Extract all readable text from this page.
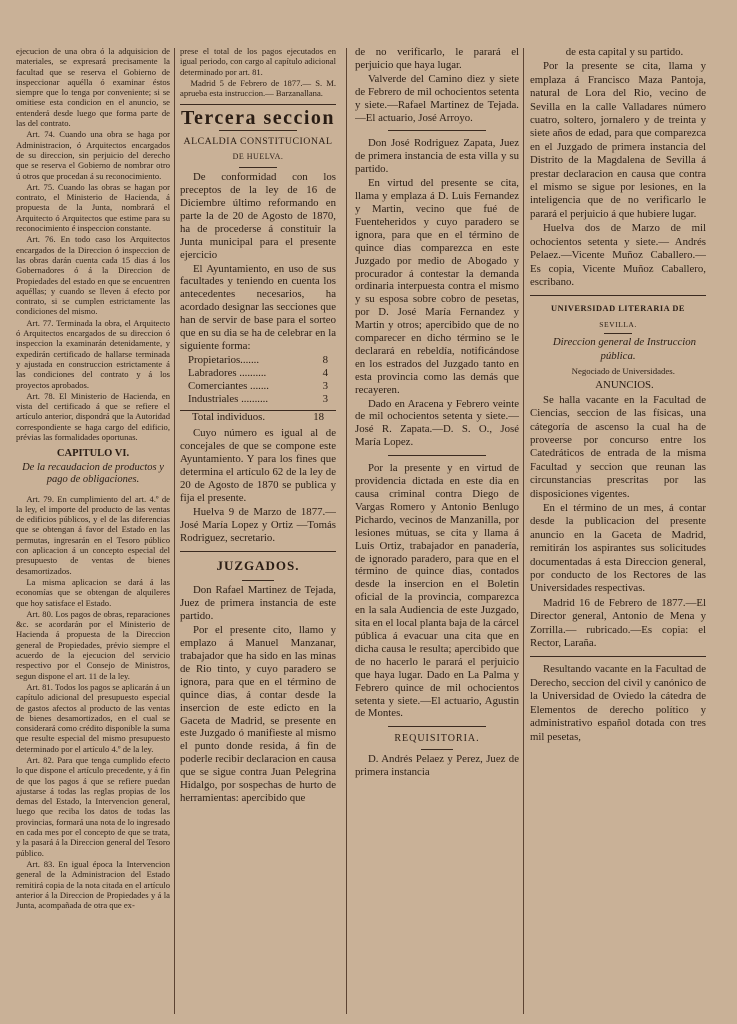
ejecucion de una obra ó la adquisicion de materiales, se expresará precisamente la facultad que se reserva el Gobierno de inspeccionar aquélla ó examinar éstos siempre que lo tenga por conveniente; si se omitiese esta condicion en el anuncio, se entenderá desde luego que forma parte de las del contrato.

Art. 74. Cuando una obra se haga por Administracion, ó Arquitectos encargados de su direccion, sin perjuicio del derecho que se reserva el Gobierno de nombrar otro ú otros que procedan á su reconocimiento.

Art. 75. Cuando las obras se hagan por contrato, el Ministerio de Hacienda, á propuesta de la Junta, nombrará el Arquitecto ó Arquitectos que estime para su reconocimiento é inspeccion constante.

Art. 76. En todo caso los Arquitectos encargados de la Direccion ó inspeccion de las obras darán cuenta cada 15 dias á los Gobernadores ó á la Direccion de Propiedades del estado en que se encuentren aquéllas; y cuando se lleven á efecto por contrato, si se cumplen estrictamente las condiciones del mismo.

Art. 77. Terminada la obra, el Arquitecto ó Arquitectos encargados de su direccion ó inspeccion la examinarán detenidamente, y expedirán certificado de hallarse terminada y ajustada en construccion estrictamente á las condiciones del contrato y á los proyectos aprobados.

Art. 78. El Ministerio de Hacienda, en vista del certificado á que se refiere el artículo anterior, dispondrá que la Autoridad correspondiente se haga cargo del edificio, prévias las formalidades oportunas.

CAPITULO VI.

De la recaudacion de productos y pago de obligaciones.

Art. 79. En cumplimiento del art. 4.º de la ley, el importe del producto de las ventas de edificios públicos, y el de las diferencias que se obtengan á favor del Estado en las permutas, ingresarán en el Tesoro público con aplicacion á un concepto especial del presupuesto de ventas de bienes desamortizados.

La misma aplicacion se dará á las economías que se obtengan de alquileres que hoy satisface el Estado.

Art. 80. Los pagos de obras, reparaciones &c. se acordarán por el Ministerio de Hacienda á propuesta de la Direccion general de Propiedades, prévio siempre el acuerdo de la ejecucion del servicio respectivo por el Consejo de Ministros, segun dispone el art. 11 de la ley.

Art. 81. Todos los pagos se aplicarán á un capítulo adicional del presupuesto especial de gastos afectos al producto de las ventas de bienes desamortizados, en el cual se considerará como crédito disponible la suma que resulte especial del mismo presupuesto determinado por el artículo 4.º de la ley.

Art. 82. Para que tenga cumplido efecto lo que dispone el artículo precedente, y á fin de que los pagos á que se refiere puedan ajustarse á todas las reglas propias de los demas del Estado, la Intervencion general, luego que reciba los datos de todas las provincias, formará una nota de lo ingresado en cada mes por el concepto de que se trata, y la pasará á la Direccion general del Tesoro público.

Art. 83. En igual época la Intervencion general de la Administracion del Estado remitirá copia de la nota citada en el artículo anterior á la Direccion de Propiedades y á la Junta, acompañada de otra que ex-

prese el total de los pagos ejecutados en igual periodo, con cargo al capítulo adicional determinado por art. 81.

Madrid 5 de Febrero de 1877.— S. M. aprueba esta instruccion.— Barzanallana.

Tercera seccion
ALCALDIA CONSTITUCIONAL
DE HUELVA.

De conformidad con los preceptos de la ley de 16 de Diciembre último reformando en parte la de 20 de Agosto de 1870, ha de procederse á constituir la Junta municipal para el presente ejercicio

El Ayuntamiento, en uso de sus facultades y teniendo en cuenta los antecedentes necesarios, ha acordado designar las secciones que han de servir de base para el sorteo que en su dia se ha de celebrar en la siguiente forma:

Propietarios.......	8
Labradores ..........	4
Comerciantes .......	3
Industriales ..........	3
Total individuos.	18

Cuyo número es igual al de concejales de que se compone este Ayuntamiento. Y para los fines que determina el artículo 62 de la ley de 20 de Agosto de 1870 se publica y fija el presente.

Huelva 9 de Marzo de 1877.—José María Lopez y Ortiz —Tomás Rodriguez, secretario.

JUZGADOS.

Don Rafael Martinez de Tejada, Juez de primera instancia de este partido.

Por el presente cito, llamo y emplazo á Manuel Manzanar, trabajador que ha sido en las minas de Rio tinto, y cuyo paradero se ignora, para que en el término de quince dias, á contar desde la insercion de este edicto en la Gaceta de Madrid, se presente en este Juzgado ó manifieste al mismo el punto donde resida, á fin de poderle recibir declaracion en causa que se sigue contra Juan Pelegrina Hidalgo, por sospechas de hurto de herramientas: apercibido que

de no verificarlo, le parará el perjuicio que haya lugar.

Valverde del Camino diez y siete de Febrero de mil ochocientos setenta y siete.—Rafael Martinez de Tejada.—El actuario, José Arroyo.

Don José Rodriguez Zapata, Juez de primera instancia de esta villa y su partido.

En virtud del presente se cita, llama y emplaza á D. Luis Fernandez y Martin, vecino que fué de Fuenteheridos y cuyo paradero se ignora, para que en el término de quince dias comparezca en este Juzgado por medio de Abogado y procurador á contestar la demanda ordinaria interpuesta contra el mismo y su esposa sobre cobro de pesetas, por D. José María Fernandez y Martin y otros; apercibido que de no comparecer en dicho término se le declarará en rebeldía, notificándose en los estrados del Juzgado tanto en esta provincia como las demás que recayeren.

Dado en Aracena y Febrero veinte de mil ochocientos setenta y siete.—José R. Zapata.—D. S. O., José María Lopez.

Por la presente y en virtud de providencia dictada en este dia en causa criminal contra Diego de Vargas Romero y Antonio Benlugo Pichardo, vecinos de Manzanilla, por lesiones mútuas, se cita y llama á Luis Ortiz, trabajador en panadería, de ignorado paradero, para que en el término de quince dias, contados desde la insercion en el Boletin oficial de la provincia, comparezca en la sala Audiencia de este Juzgado, sita en el local planta baja de la cárcel pública á evacuar una cita que en dicha causa le resulta; apercibido que de no hacerlo le parará el perjuicio que haya lugar. Dado en La Palma y Febrero quince de mil ochocientos setenta y siete.—El actuario, Agustin de Montes.

REQUISITORIA.

D. Andrés Pelaez y Perez, Juez de primera instancia

de esta capital y su partido.

Por la presente se cita, llama y emplaza á Francisco Maza Pantoja, natural de Lora del Rio, vecino de Sevilla en la calle Valladares número cuatro, soltero, jornalero y de treinta y siete años de edad, para que comparezca en el Juzgado de primera instancia del Distrito de la Magdalena de Sevilla á prestar declaracion en causa que contra el mismo se sigue por lesiones, en la inteligencia que de no verificarlo le parará el perjuicio á que hubiere lugar.

Huelva dos de Marzo de mil ochocientos setenta y siete.— Andrés Pelaez.—Vicente Muñoz Caballero.—Es copia, Vicente Muñoz Caballero, escribano.

UNIVERSIDAD LITERARIA DE
SEVILLA.

Direccion general de Instruccion pública.

Negociado de Universidades.

ANUNCIOS.

Se halla vacante en la Facultad de Ciencias, seccion de las físicas, una cátegoría de ascenso la cual ha de proveerse por concurso entre los Catedráticos de entrada de la misma Facultad y seccion que reunan las circunstancias prescritas por las disposiciones vigentes.

En el término de un mes, á contar desde la publicacion del presente anuncio en la Gaceta de Madrid, remitirán los aspirantes sus solicitudes documentadas á esta Direccion general, por conducto de los Rectores de las Universidades respectivas.

Madrid 16 de Febrero de 1877.—El Director general, Antonio de Mena y Zorrilla.— rubricado.—Es copia: el Rector, Laraña.

Resultando vacante en la Facultad de Derecho, seccion del civil y canónico de la Universidad de Oviedo la cátedra de Elementos de derecho político y administrativo español dotada con tres mil pesetas,
